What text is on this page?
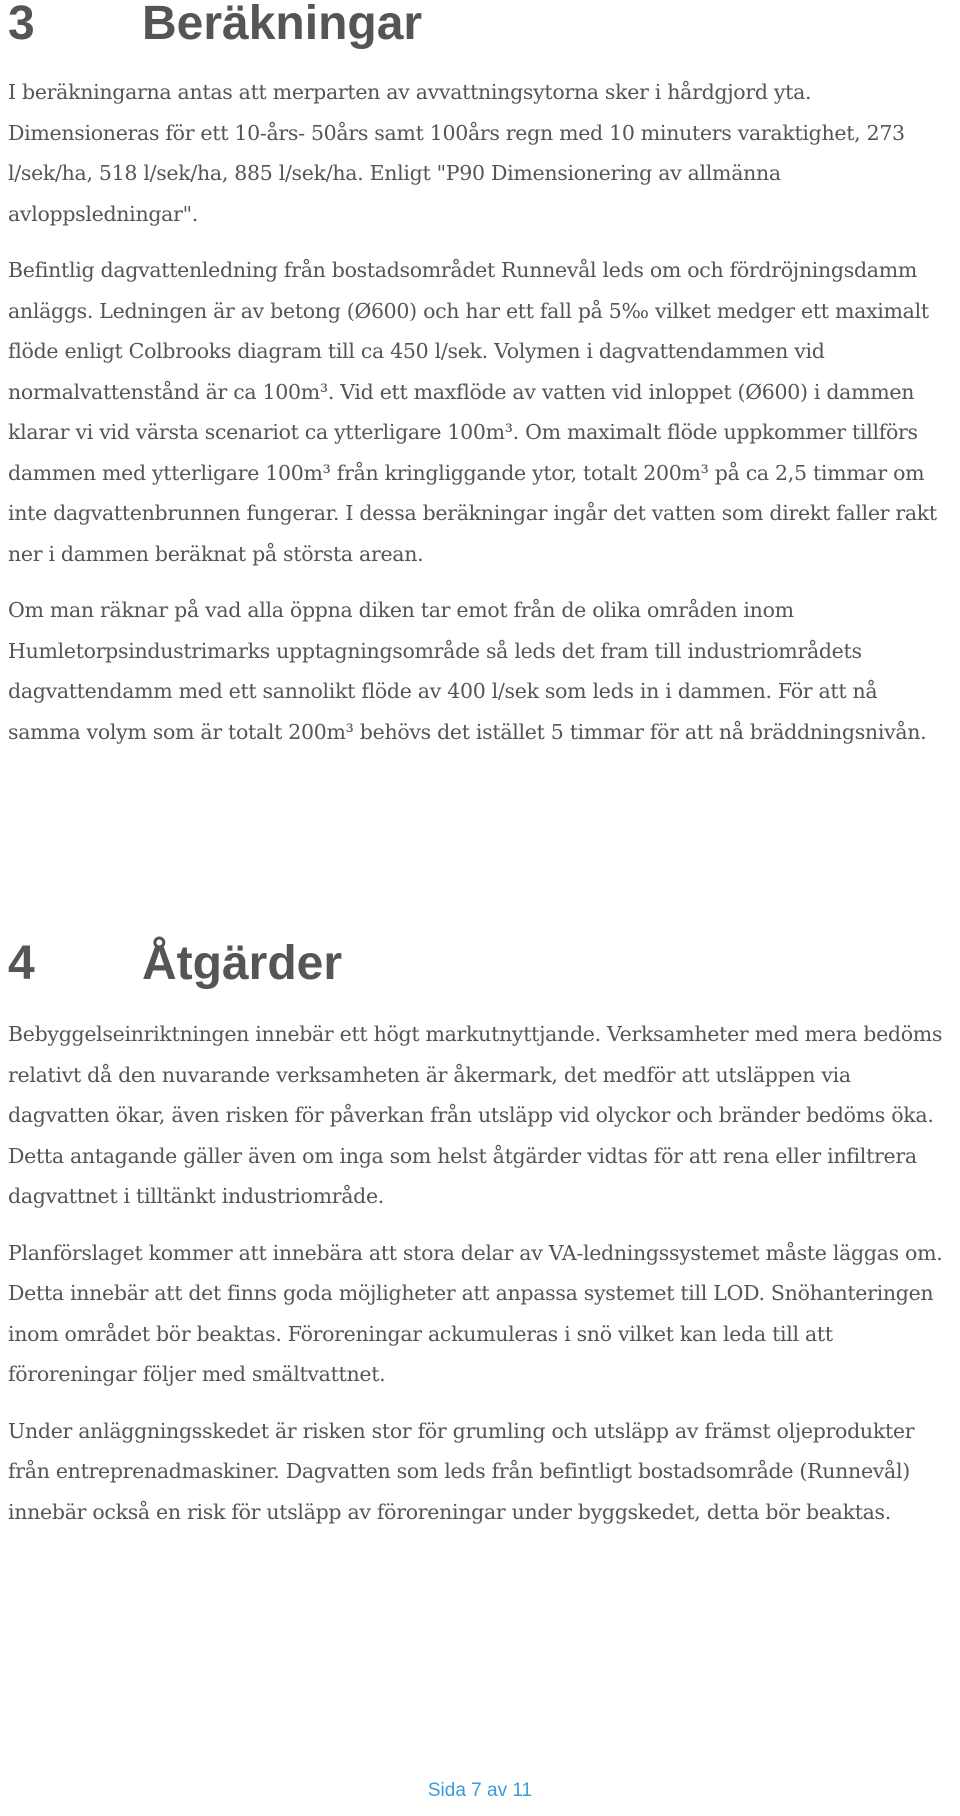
3	Beräkningar

I beräkningarna antas att merparten av avvattningsytorna sker i hårdgjord yta. Dimensioneras för ett 10-års- 50års samt 100års regn med 10 minuters varaktighet, 273 l/sek/ha, 518 l/sek/ha, 885 l/sek/ha. Enligt "P90 Dimensionering av allmänna avloppsledningar".

Befintlig dagvattenledning från bostadsområdet Runnevål leds om och fördröjningsdamm anläggs. Ledningen är av betong (Ø600) och har ett fall på 5‰ vilket medger ett maximalt flöde enligt Colbrooks diagram till ca 450 l/sek. Volymen i dagvattendammen vid normalvattenstånd är ca 100m³. Vid ett maxflöde av vatten vid inloppet (Ø600) i dammen klarar vi vid värsta scenariot ca ytterligare 100m³. Om maximalt flöde uppkommer tillförs dammen med ytterligare 100m³ från kringliggande ytor, totalt 200m³ på ca 2,5 timmar om inte dagvattenbrunnen fungerar. I dessa beräkningar ingår det vatten som direkt faller rakt ner i dammen beräknat på största arean.

Om man räknar på vad alla öppna diken tar emot från de olika områden inom Humletorpsindustrimarks upptagningsområde så leds det fram till industriområdets dagvattendamm med ett sannolikt flöde av 400 l/sek som leds in i dammen. För att nå samma volym som är totalt 200m³ behövs det istället 5 timmar för att nå bräddningsnivån.

4	Åtgärder

Bebyggelseinriktningen innebär ett högt markutnyttjande. Verksamheter med mera bedöms relativt då den nuvarande verksamheten är åkermark, det medför att utsläppen via dagvatten ökar, även risken för påverkan från utsläpp vid olyckor och bränder bedöms öka. Detta antagande gäller även om inga som helst åtgärder vidtas för att rena eller infiltrera dagvattnet i tilltänkt industriområde.

Planförslaget kommer att innebära att stora delar av VA-ledningssystemet måste läggas om. Detta innebär att det finns goda möjligheter att anpassa systemet till LOD. Snöhanteringen inom området bör beaktas. Föroreningar ackumuleras i snö vilket kan leda till att föroreningar följer med smältvattnet.

Under anläggningsskedet är risken stor för grumling och utsläpp av främst oljeprodukter från entreprenadmaskiner. Dagvatten som leds från befintligt bostadsområde (Runnevål) innebär också en risk för utsläpp av föroreningar under byggskedet, detta bör beaktas.

Sida 7 av 11
